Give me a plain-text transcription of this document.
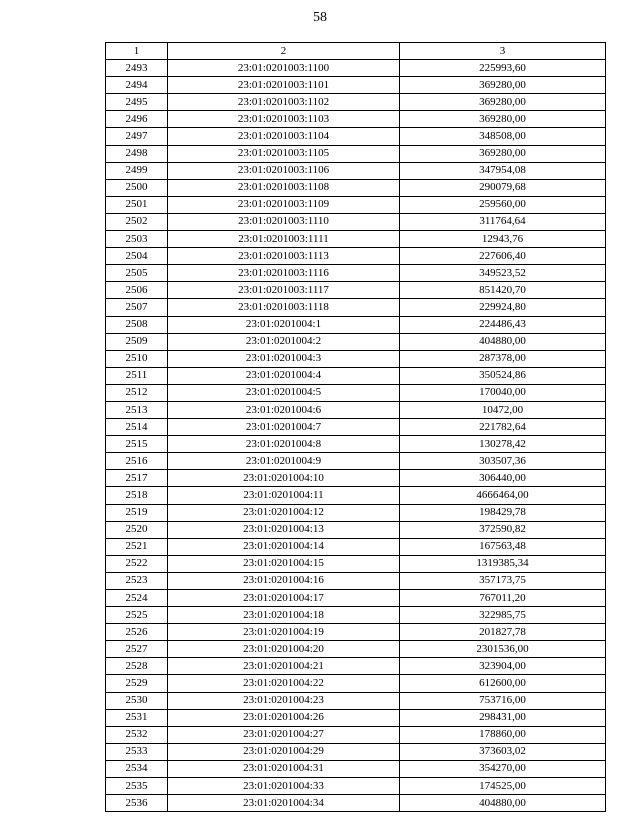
58
1	2	3
2493	23:01:0201003:1100	225993,60
2494	23:01:0201003:1101	369280,00
2495	23:01:0201003:1102	369280,00
2496	23:01:0201003:1103	369280,00
2497	23:01:0201003:1104	348508,00
2498	23:01:0201003:1105	369280,00
2499	23:01:0201003:1106	347954,08
2500	23:01:0201003:1108	290079,68
2501	23:01:0201003:1109	259560,00
2502	23:01:0201003:1110	311764,64
2503	23:01:0201003:1111	12943,76
2504	23:01:0201003:1113	227606,40
2505	23:01:0201003:1116	349523,52
2506	23:01:0201003:1117	851420,70
2507	23:01:0201003:1118	229924,80
2508	23:01:0201004:1	224486,43
2509	23:01:0201004:2	404880,00
2510	23:01:0201004:3	287378,00
2511	23:01:0201004:4	350524,86
2512	23:01:0201004:5	170040,00
2513	23:01:0201004:6	10472,00
2514	23:01:0201004:7	221782,64
2515	23:01:0201004:8	130278,42
2516	23:01:0201004:9	303507,36
2517	23:01:0201004:10	306440,00
2518	23:01:0201004:11	4666464,00
2519	23:01:0201004:12	198429,78
2520	23:01:0201004:13	372590,82
2521	23:01:0201004:14	167563,48
2522	23:01:0201004:15	1319385,34
2523	23:01:0201004:16	357173,75
2524	23:01:0201004:17	767011,20
2525	23:01:0201004:18	322985,75
2526	23:01:0201004:19	201827,78
2527	23:01:0201004:20	2301536,00
2528	23:01:0201004:21	323904,00
2529	23:01:0201004:22	612600,00
2530	23:01:0201004:23	753716,00
2531	23:01:0201004:26	298431,00
2532	23:01:0201004:27	178860,00
2533	23:01:0201004:29	373603,02
2534	23:01:0201004:31	354270,00
2535	23:01:0201004:33	174525,00
2536	23:01:0201004:34	404880,00
